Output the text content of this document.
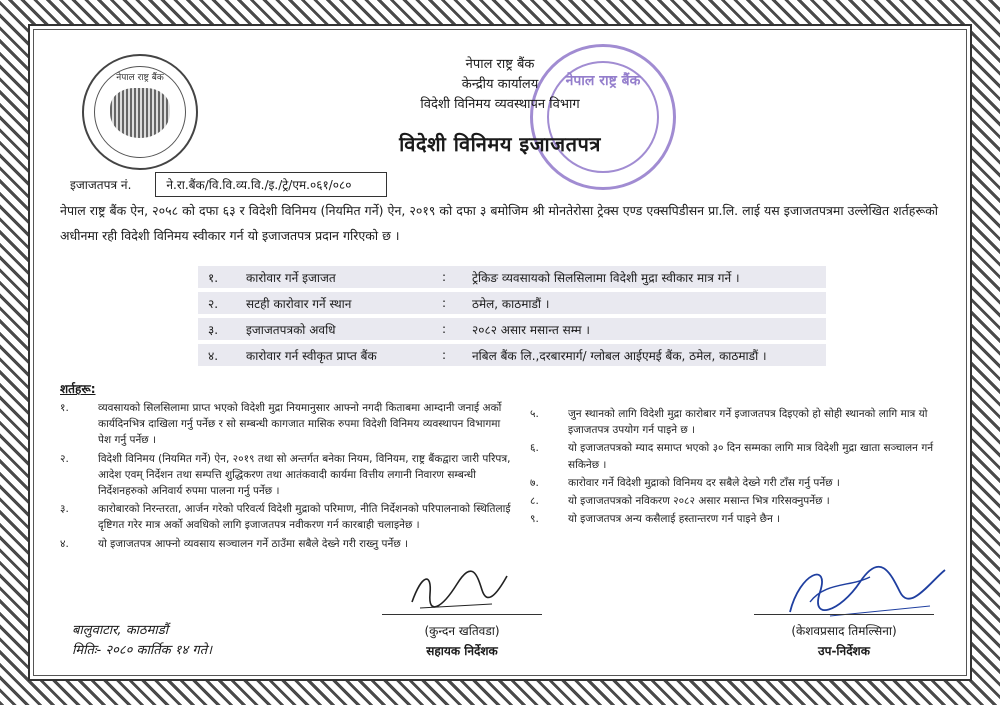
नेपाल राष्ट्र बैंक	नेपाल राष्ट्र बैंक
नेपाल राष्ट्र बैंक
केन्द्रीय कार्यालय
विदेशी विनिमय व्यवस्थापन विभाग
विदेशी विनिमय इजाजतपत्र
इजाजतपत्र नं.	ने.रा.बैंक/वि.वि.व्य.वि./इ./ट्रे/एम.०६१/०८०
नेपाल राष्ट्र बैंक ऐन, २०५८ को दफा ६३ र विदेशी विनिमय (नियमित गर्ने) ऐन, २०१९ को दफा ३ बमोजिम श्री मोनतेरोसा ट्रेक्स एण्ड एक्सपिडीसन प्रा.लि. लाई यस इजाजतपत्रमा उल्लेखित शर्तहरूको अधीनमा रही विदेशी विनिमय स्वीकार गर्न यो इजाजतपत्र प्रदान गरिएको छ ।
१. कारोवार गर्ने इजाजत	: ट्रेकिङ व्यवसायको सिलसिलामा विदेशी मुद्रा स्वीकार मात्र गर्ने ।
२. सटही कारोवार गर्ने स्थान	: ठमेल, काठमाडौं ।
३. इजाजतपत्रको अवधि	: २०८२ असार मसान्त सम्म ।
४. कारोवार गर्न स्वीकृत प्राप्त बैंक	: नबिल बैंक लि.,दरबारमार्ग/ ग्लोबल आईएमई बैंक, ठमेल, काठमाडौं ।
शर्तहरू:
१.	व्यवसायको सिलसिलामा प्राप्त भएको विदेशी मुद्रा नियमानुसार आफ्नो नगदी किताबमा आम्दानी जनाई अर्को कार्यदिनभित्र दाखिला गर्नु पर्नेछ र सो सम्बन्धी कागजात मासिक रुपमा विदेशी विनिमय व्यवस्थापन विभागमा पेश गर्नु पर्नेछ ।
२.	विदेशी विनिमय (नियमित गर्ने) ऐन, २०१९ तथा सो अन्तर्गत बनेका नियम, विनियम, राष्ट्र बैंकद्वारा जारी परिपत्र, आदेश एवम् निर्देशन तथा सम्पत्ति शुद्धिकरण तथा आतंकवादी कार्यमा वित्तीय लगानी निवारण सम्बन्धी निर्देशनहरुको अनिवार्य रुपमा पालना गर्नु पर्नेछ ।
३.	कारोबारको निरन्तरता, आर्जन गरेको परिवर्त्य विदेशी मुद्राको परिमाण, नीति निर्देशनको परिपालनाको स्थितिलाई दृष्टिगत गरेर मात्र अर्को अवधिको लागि इजाजतपत्र नवीकरण गर्न कारबाही चलाइनेछ ।
४.	यो इजाजतपत्र आफ्नो व्यवसाय सञ्चालन गर्ने ठाउँमा सबैले देख्ने गरी राख्नु पर्नेछ ।
५.	जुन स्थानको लागि विदेशी मुद्रा कारोबार गर्ने इजाजतपत्र दिइएको हो सोही स्थानको लागि मात्र यो इजाजतपत्र उपयोग गर्न पाइने छ ।
६.	यो इजाजतपत्रको म्याद समाप्त भएको ३० दिन सम्मका लागि मात्र विदेशी मुद्रा खाता सञ्चालन गर्न सकिनेछ ।
७.	कारोवार गर्ने विदेशी मुद्राको विनिमय दर सबैले देख्ने गरी टाँस गर्नु पर्नेछ ।
८.	यो इजाजतपत्रको नविकरण २०८२ असार मसान्त भित्र गरिसक्नुपर्नेछ ।
९.	यो इजाजतपत्र अन्य कसैलाई हस्तान्तरण गर्न पाइने छैन ।
बालुवाटार, काठमाडौं
मितिः- २०८० कार्तिक १४ गते।
(कुन्दन खतिवडा)
सहायक निर्देशक
(केशवप्रसाद तिमल्सिना)
उप-निर्देशक
